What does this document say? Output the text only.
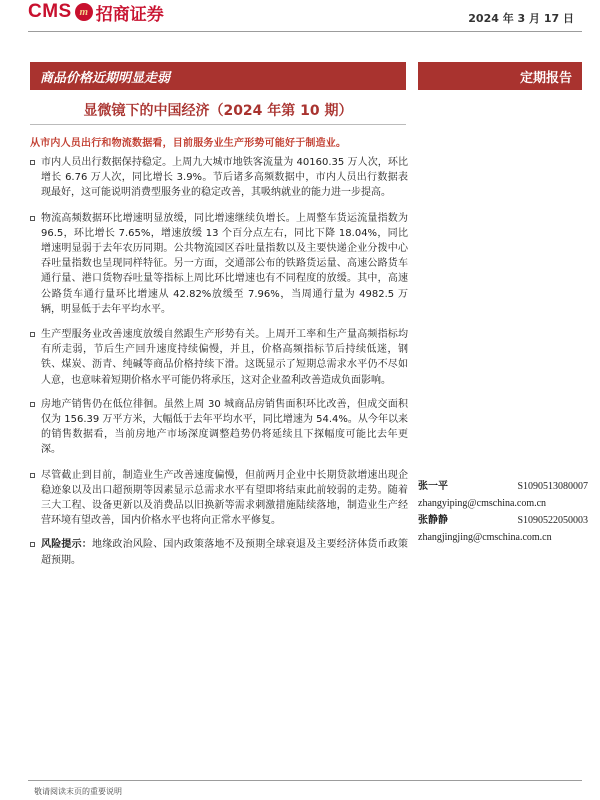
CMS m 招商证券	2024 年 3 月 17 日
商品价格近期明显走弱	定期报告
显微镜下的中国经济（2024 年第 10 期）
从市内人员出行和物流数据看，目前服务业生产形势可能好于制造业。
市内人员出行数据保持稳定。上周九大城市地铁客流量为 40160.35 万人次，环比增长 6.76 万人次，同比增长 3.9%。节后诸多高频数据中，市内人员出行数据表现最好，这可能说明消费型服务业的稳定改善，其吸纳就业的能力进一步提高。
物流高频数据环比增速明显放缓，同比增速继续负增长。上周整车货运流量指数为 96.5，环比增长 7.65%，增速放缓 13 个百分点左右，同比下降 18.04%，同比增速明显弱于去年农历同期。公共物流园区吞吐量指数以及主要快递企业分拨中心吞吐量指数也呈现同样特征。另一方面，交通部公布的铁路货运量、高速公路货车通行量、港口货物吞吐量等指标上周比环比增速也有不同程度的放缓。其中，高速公路货车通行量环比增速从 42.82%放缓至 7.96%，当周通行量为 4982.5 万辆，明显低于去年平均水平。
生产型服务业改善速度放缓自然跟生产形势有关。上周开工率和生产量高频指标均有所走弱，节后生产回升速度持续偏慢，并且，价格高频指标节后持续低迷，钢铁、煤炭、沥青、纯碱等商品价格持续下滑。这既显示了短期总需求水平仍不尽如人意，也意味着短期价格水平可能仍将承压，这对企业盈利改善造成负面影响。
房地产销售仍在低位徘徊。虽然上周 30 城商品房销售面积环比改善，但成交面积仅为 156.39 万平方米，大幅低于去年平均水平，同比增速为 54.4%。从今年以来的销售数据看，当前房地产市场深度调整趋势仍将延续且下探幅度可能比去年更深。
尽管截止到目前，制造业生产改善速度偏慢，但前两月企业中长期贷款增速出现企稳迹象以及出口超预期等因素显示总需求水平有望即将结束此前较弱的走势。随着三大工程、设备更新以及消费品以旧换新等需求刺激措施陆续落地，制造业生产经营环境有望改善，国内价格水平也将向正常水平修复。
风险提示：地缘政治风险、国内政策落地不及预期全球衰退及主要经济体货币政策超预期。
张一平	S1090513080007
zhangyiping@cmschina.com.cn
张静静	S1090522050003
zhangjingjing@cmschina.com.cn
敬请阅读末页的重要说明
